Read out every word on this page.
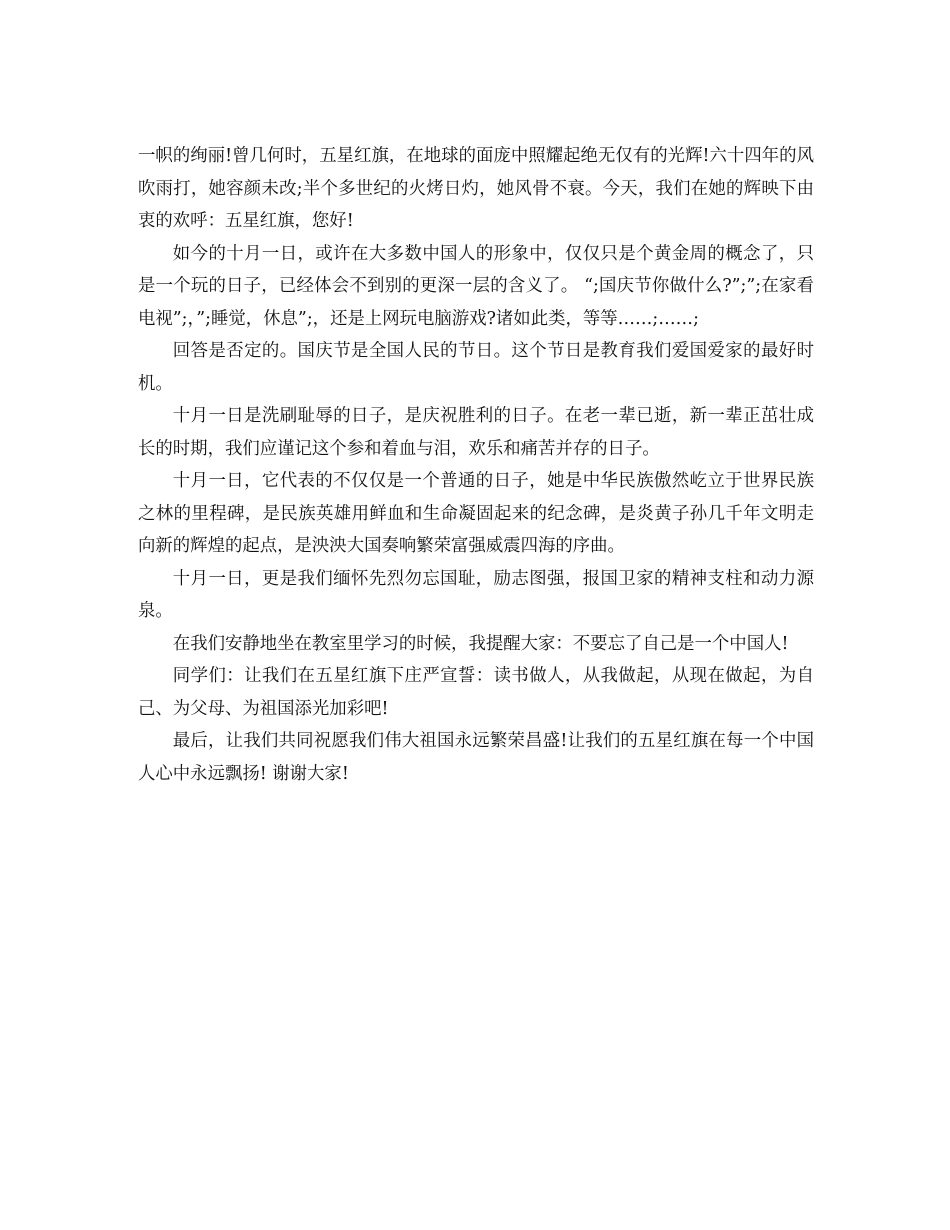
一帜的绚丽!曾几何时，五星红旗，在地球的面庞中照耀起绝无仅有的光辉!六十四年的风吹雨打，她容颜未改;半个多世纪的火烤日灼，她风骨不衰。今天，我们在她的辉映下由衷的欢呼：五星红旗，您好!

如今的十月一日，或许在大多数中国人的形象中，仅仅只是个黄金周的概念了，只是一个玩的日子，已经体会不到别的更深一层的含义了。 “;国庆节你做什么?”;”;在家看电视”;，”;睡觉，休息”;，还是上网玩电脑游戏?诸如此类，等等……;……;

回答是否定的。国庆节是全国人民的节日。这个节日是教育我们爱国爱家的最好时机。

十月一日是洗刷耻辱的日子，是庆祝胜利的日子。在老一辈已逝，新一辈正茁壮成长的时期，我们应谨记这个参和着血与泪，欢乐和痛苦并存的日子。

十月一日，它代表的不仅仅是一个普通的日子，她是中华民族傲然屹立于世界民族之林的里程碑，是民族英雄用鲜血和生命凝固起来的纪念碑，是炎黄子孙几千年文明走向新的辉煌的起点，是泱泱大国奏响繁荣富强威震四海的序曲。

十月一日，更是我们缅怀先烈勿忘国耻，励志图强，报国卫家的精神支柱和动力源泉。

在我们安静地坐在教室里学习的时候，我提醒大家：不要忘了自己是一个中国人!

同学们：让我们在五星红旗下庄严宣誓：读书做人，从我做起，从现在做起，为自己、为父母、为祖国添光加彩吧!

最后，让我们共同祝愿我们伟大祖国永远繁荣昌盛!让我们的五星红旗在每一个中国人心中永远飘扬! 谢谢大家!
